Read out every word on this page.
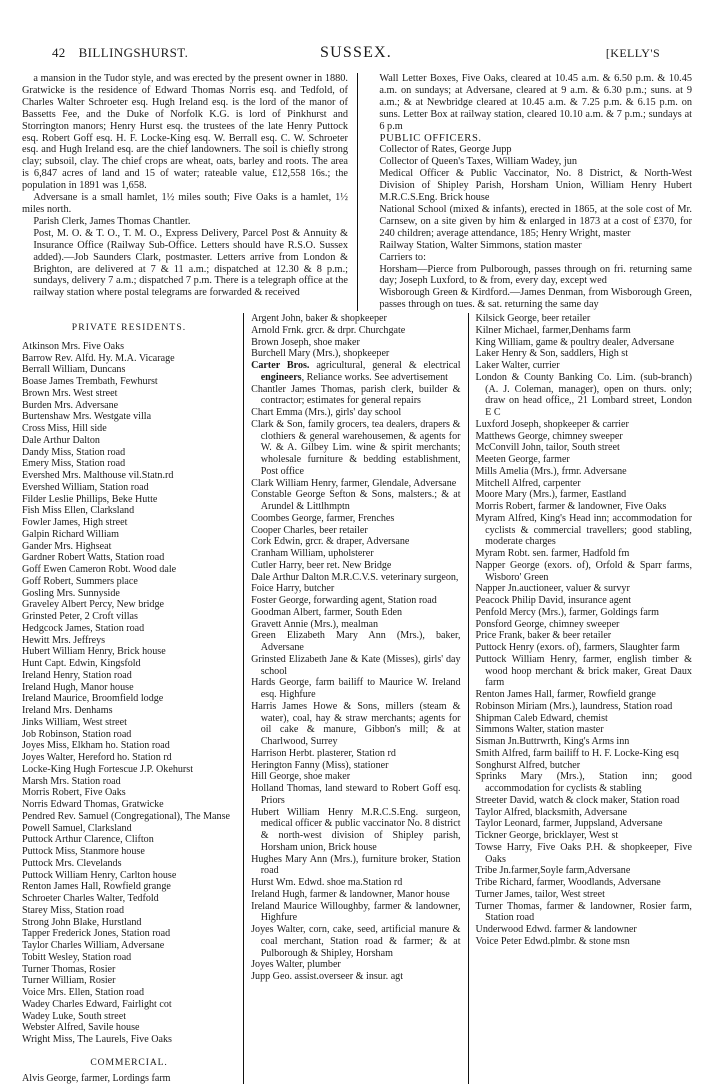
42 BILLINGSHURST.	SUSSEX.	[KELLY'S

a mansion in the Tudor style, and was erected by the present owner in 1880. Gratwicke is the residence of Edward Thomas Norris esq. and Tedfold, of Charles Walter Schroeter esq. Hugh Ireland esq. is the lord of the manor of Bassetts Fee, and the Duke of Norfolk K.G. is lord of Pinkhurst and Storrington manors; Henry Hurst esq. the trustees of the late Henry Puttock esq. Robert Goff esq. H. F. Locke-King esq. W. Berrall esq. C. W. Schroeter esq. and Hugh Ireland esq. are the chief landowners. The soil is chiefly strong clay; subsoil, clay. The chief crops are wheat, oats, barley and roots. The area is 6,847 acres of land and 15 of water; rateable value, £12,558 16s.; the population in 1891 was 1,658.

Adversane is a small hamlet, 1½ miles south; Five Oaks is a hamlet, 1½ miles north.

Parish Clerk, James Thomas Chantler.

Post, M. O. & T. O., T. M. O., Express Delivery, Parcel Post & Annuity & Insurance Office (Railway Sub-Office. Letters should have R.S.O. Sussex added).—Job Saunders Clark, postmaster. Letters arrive from London & Brighton, are delivered at 7 & 11 a.m.; dispatched at 12.30 & 8 p.m.; sundays, delivery 7 a.m.; dispatched 7 p.m. There is a telegraph office at the railway station where postal telegrams are forwarded & received

Wall Letter Boxes, Five Oaks, cleared at 10.45 a.m. & 6.50 p.m. & 10.45 a.m. on sundays; at Adversane, cleared at 9 a.m. & 6.30 p.m.; suns. at 9 a.m.; & at Newbridge cleared at 10.45 a.m. & 7.25 p.m. & 6.15 p.m. on suns. Letter Box at railway station, cleared 10.10 a.m. & 7 p.m.; sundays at 6 p.m

PUBLIC OFFICERS.

Collector of Rates, George Jupp

Collector of Queen's Taxes, William Wadey, jun

Medical Officer & Public Vaccinator, No. 8 District, & North-West Division of Shipley Parish, Horsham Union, William Henry Hubert M.R.C.S.Eng. Brick house

National School (mixed & infants), erected in 1865, at the sole cost of Mr. Carnsew, on a site given by him & enlarged in 1873 at a cost of £370, for 240 children; average attendance, 185; Henry Wright, master

Railway Station, Walter Simmons, station master

Carriers to:

Horsham—Pierce from Pulborough, passes through on fri. returning same day; Joseph Luxford, to & from, every day, except wed

Wisborough Green & Kirdford.—James Denman, from Wisborough Green, passes through on tues. & sat. returning the same day

PRIVATE RESIDENTS.

Atkinson Mrs. Five Oaks

Barrow Rev. Alfd. Hy. M.A. Vicarage

Berrall William, Duncans

Boase James Trembath, Fewhurst

Brown Mrs. West street

Burden Mrs. Adversane

Burtenshaw Mrs. Westgate villa

Cross Miss, Hill side

Dale Arthur Dalton

Dandy Miss, Station road

Emery Miss, Station road

Evershed Mrs. Malthouse vil.Statn.rd

Evershed William, Station road

Filder Leslie Phillips, Beke Hutte

Fish Miss Ellen, Clarksland

Fowler James, High street

Galpin Richard William

Gander Mrs. Highseat

Gardner Robert Watts, Station road

Goff Ewen Cameron Robt. Wood dale

Goff Robert, Summers place

Gosling Mrs. Sunnyside

Graveley Albert Percy, New bridge

Grinsted Peter, 2 Croft villas

Hedgcock James, Station road

Hewitt Mrs. Jeffreys

Hubert William Henry, Brick house

Hunt Capt. Edwin, Kingsfold

Ireland Henry, Station road

Ireland Hugh, Manor house

Ireland Maurice, Broomfield lodge

Ireland Mrs. Denhams

Jinks William, West street

Job Robinson, Station road

Joyes Miss, Elkham ho. Station road

Joyes Walter, Hereford ho. Station rd

Locke-King Hugh Fortescue J.P. Okehurst

Marsh Mrs. Station road

Morris Robert, Five Oaks

Norris Edward Thomas, Gratwicke

Pendred Rev. Samuel (Congregational), The Manse

Powell Samuel, Clarksland

Puttock Arthur Clarence, Clifton

Puttock Miss, Stanmore house

Puttock Mrs. Clevelands

Puttock William Henry, Carlton house

Renton James Hall, Rowfield grange

Schroeter Charles Walter, Tedfold

Starey Miss, Station road

Strong John Blake, Hurstland

Tapper Frederick Jones, Station road

Taylor Charles William, Adversane

Tobitt Wesley, Station road

Turner Thomas, Rosier

Turner William, Rosier

Voice Mrs. Ellen, Station road

Wadey Charles Edward, Fairlight cot

Wadey Luke, South street

Webster Alfred, Savile house

Wright Miss, The Laurels, Five Oaks

COMMERCIAL.

Alvis George, farmer, Lordings farm

Argent John, baker & shopkeeper

Arnold Frnk. grcr. & drpr. Churchgate

Brown Joseph, shoe maker

Burchell Mary (Mrs.), shopkeeper

Carter Bros. agricultural, general & electrical engineers, Reliance works. See advertisement

Chantler James Thomas, parish clerk, builder & contractor; estimates for general repairs

Chart Emma (Mrs.), girls' day school

Clark & Son, family grocers, tea dealers, drapers & clothiers & general warehousemen, & agents for W. & A. Gilbey Lim. wine & spirit merchants; wholesale furniture & bedding establishment, Post office

Clark William Henry, farmer, Glendale, Adversane

Constable George Sefton & Sons, malsters.; & at Arundel & Littlhmptn

Coombes George, farmer, Frenches

Cooper Charles, beer retailer

Cork Edwin, grcr. & draper, Adversane

Cranham William, upholsterer

Cutler Harry, beer ret. New Bridge

Dale Arthur Dalton M.R.C.V.S. veterinary surgeon,

Foice Harry, butcher

Foster George, forwarding agent, Station road

Goodman Albert, farmer, South Eden

Gravett Annie (Mrs.), mealman

Green Elizabeth Mary Ann (Mrs.), baker, Adversane

Grinsted Elizabeth Jane & Kate (Misses), girls' day school

Hards George, farm bailiff to Maurice W. Ireland esq. Highfure

Harris James Howe & Sons, millers (steam & water), coal, hay & straw merchants; agents for oil cake & manure, Gibbon's mill; & at Charlwood, Surrey

Harrison Herbt. plasterer, Station rd

Herington Fanny (Miss), stationer

Hill George, shoe maker

Holland Thomas, land steward to Robert Goff esq. Priors

Hubert William Henry M.R.C.S.Eng. surgeon, medical officer & public vaccinator No. 8 district & north-west division of Shipley parish, Horsham union, Brick house

Hughes Mary Ann (Mrs.), furniture broker, Station road

Hurst Wm. Edwd. shoe ma.Station rd

Ireland Hugh, farmer & landowner, Manor house

Ireland Maurice Willoughby, farmer & landowner, Highfure

Joyes Walter, corn, cake, seed, artificial manure & coal merchant, Station road & farmer; & at Pulborough & Shipley, Horsham

Joyes Walter, plumber

Jupp Geo. assist.overseer & insur. agt

Kilsick George, beer retailer

Kilner Michael, farmer,Denhams farm

King William, game & poultry dealer, Adversane

Laker Henry & Son, saddlers, High st

Laker Walter, currier

London & County Banking Co. Lim. (sub-branch) (A. J. Coleman, manager), open on thurs. only; draw on head office,, 21 Lombard street, London E C

Luxford Joseph, shopkeeper & carrier

Matthews George, chimney sweeper

McConvill John, tailor, South street

Meeten George, farmer

Mills Amelia (Mrs.), frmr. Adversane

Mitchell Alfred, carpenter

Moore Mary (Mrs.), farmer, Eastland

Morris Robert, farmer & landowner, Five Oaks

Myram Alfred, King's Head inn; accommodation for cyclists & commercial travellers; good stabling, moderate charges

Myram Robt. sen. farmer, Hadfold fm

Napper George (exors. of), Orfold & Sparr farms, Wisboro' Green

Napper Jn.auctioneer, valuer & survyr

Peacock Philip David, insurance agent

Penfold Mercy (Mrs.), farmer, Goldings farm

Ponsford George, chimney sweeper

Price Frank, baker & beer retailer

Puttock Henry (exors. of), farmers, Slaughter farm

Puttock William Henry, farmer, english timber & wood hoop merchant & brick maker, Great Daux farm

Renton James Hall, farmer, Rowfield grange

Robinson Miriam (Mrs.), laundress, Station road

Shipman Caleb Edward, chemist

Simmons Walter, station master

Sisman Jn.Buttrwrth, King's Arms inn

Smith Alfred, farm bailiff to H. F. Locke-King esq

Songhurst Alfred, butcher

Sprinks Mary (Mrs.), Station inn; good accommodation for cyclists & stabling

Streeter David, watch & clock maker, Station road

Taylor Alfred, blacksmith, Adversane

Taylor Leonard, farmer, Juppsland, Adversane

Tickner George, bricklayer, West st

Towse Harry, Five Oaks P.H. & shopkeeper, Five Oaks

Tribe Jn.farmer,Soyle farm,Adversane

Tribe Richard, farmer, Woodlands, Adversane

Turner James, tailor, West street

Turner Thomas, farmer & landowner, Rosier farm, Station road

Underwood Edwd. farmer & landowner

Voice Peter Edwd.plmbr. & stone msn
